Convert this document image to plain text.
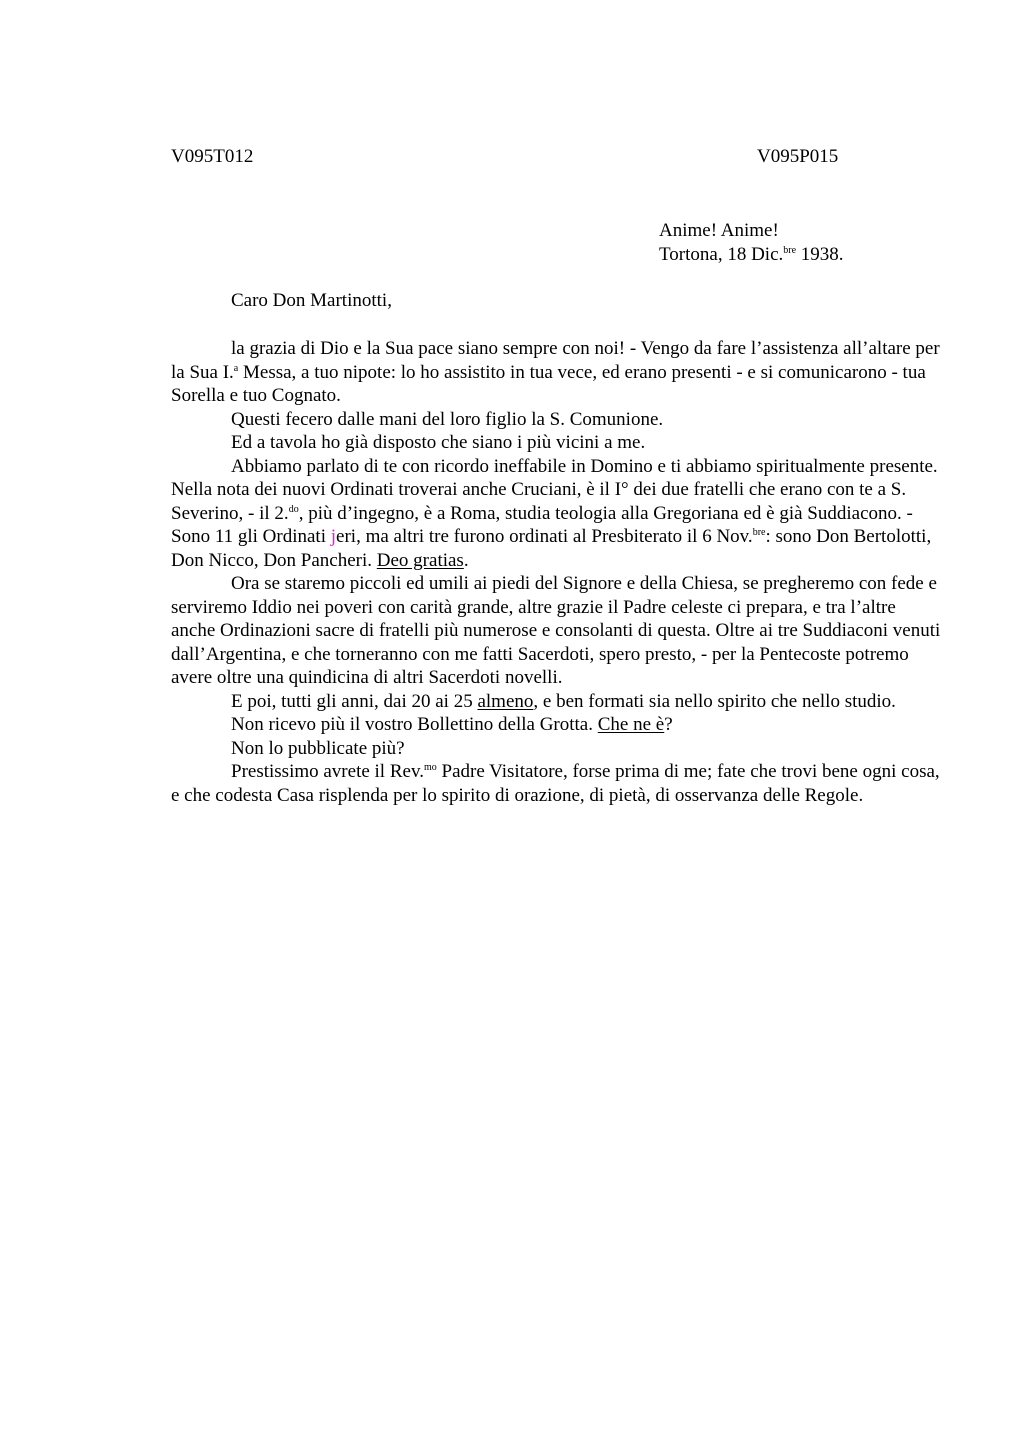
V095T012	V095P015
Anime! Anime!
Tortona, 18 Dic.$^{bre}$ 1938.
Caro Don Martinotti,

la grazia di Dio e la Sua pace siano sempre con noi! - Vengo da fare l’assistenza all’altare per la Sua I.$^a$ Messa, a tuo nipote: lo ho assistito in tua vece, ed erano presenti - e si comunicarono - tua Sorella e tuo Cognato.

Questi fecero dalle mani del loro figlio la S. Comunione.

Ed a tavola ho già disposto che siano i più vicini a me.

Abbiamo parlato di te con ricordo ineffabile in Domino e ti abbiamo spiritualmente presente. Nella nota dei nuovi Ordinati troverai anche Cruciani, è il I° dei due fratelli che erano con te a S. Severino, - il 2.$^{do}$, più d’ingegno, è a Roma, studia teologia alla Gregoriana ed è già Suddiacono. - Sono 11 gli Ordinati jeri, ma altri tre furono ordinati al Presbiterato il 6 Nov.$^{bre}$: sono Don Bertolotti, Don Nicco, Don Pancheri. Deo gratias.

Ora se staremo piccoli ed umili ai piedi del Signore e della Chiesa, se pregheremo con fede e serviremo Iddio nei poveri con carità grande, altre grazie il Padre celeste ci prepara, e tra l’altre anche Ordinazioni sacre di fratelli più numerose e consolanti di questa. Oltre ai tre Suddiaconi venuti dall’Argentina, e che torneranno con me fatti Sacerdoti, spero presto, - per la Pentecoste potremo avere oltre una quindicina di altri Sacerdoti novelli.

E poi, tutti gli anni, dai 20 ai 25 almeno, e ben formati sia nello spirito che nello studio.

Non ricevo più il vostro Bollettino della Grotta. Che ne è?

Non lo pubblicate più?

Prestissimo avrete il Rev.$^{mo}$ Padre Visitatore, forse prima di me; fate che trovi bene ogni cosa, e che codesta Casa risplenda per lo spirito di orazione, di pietà, di osservanza delle Regole.
